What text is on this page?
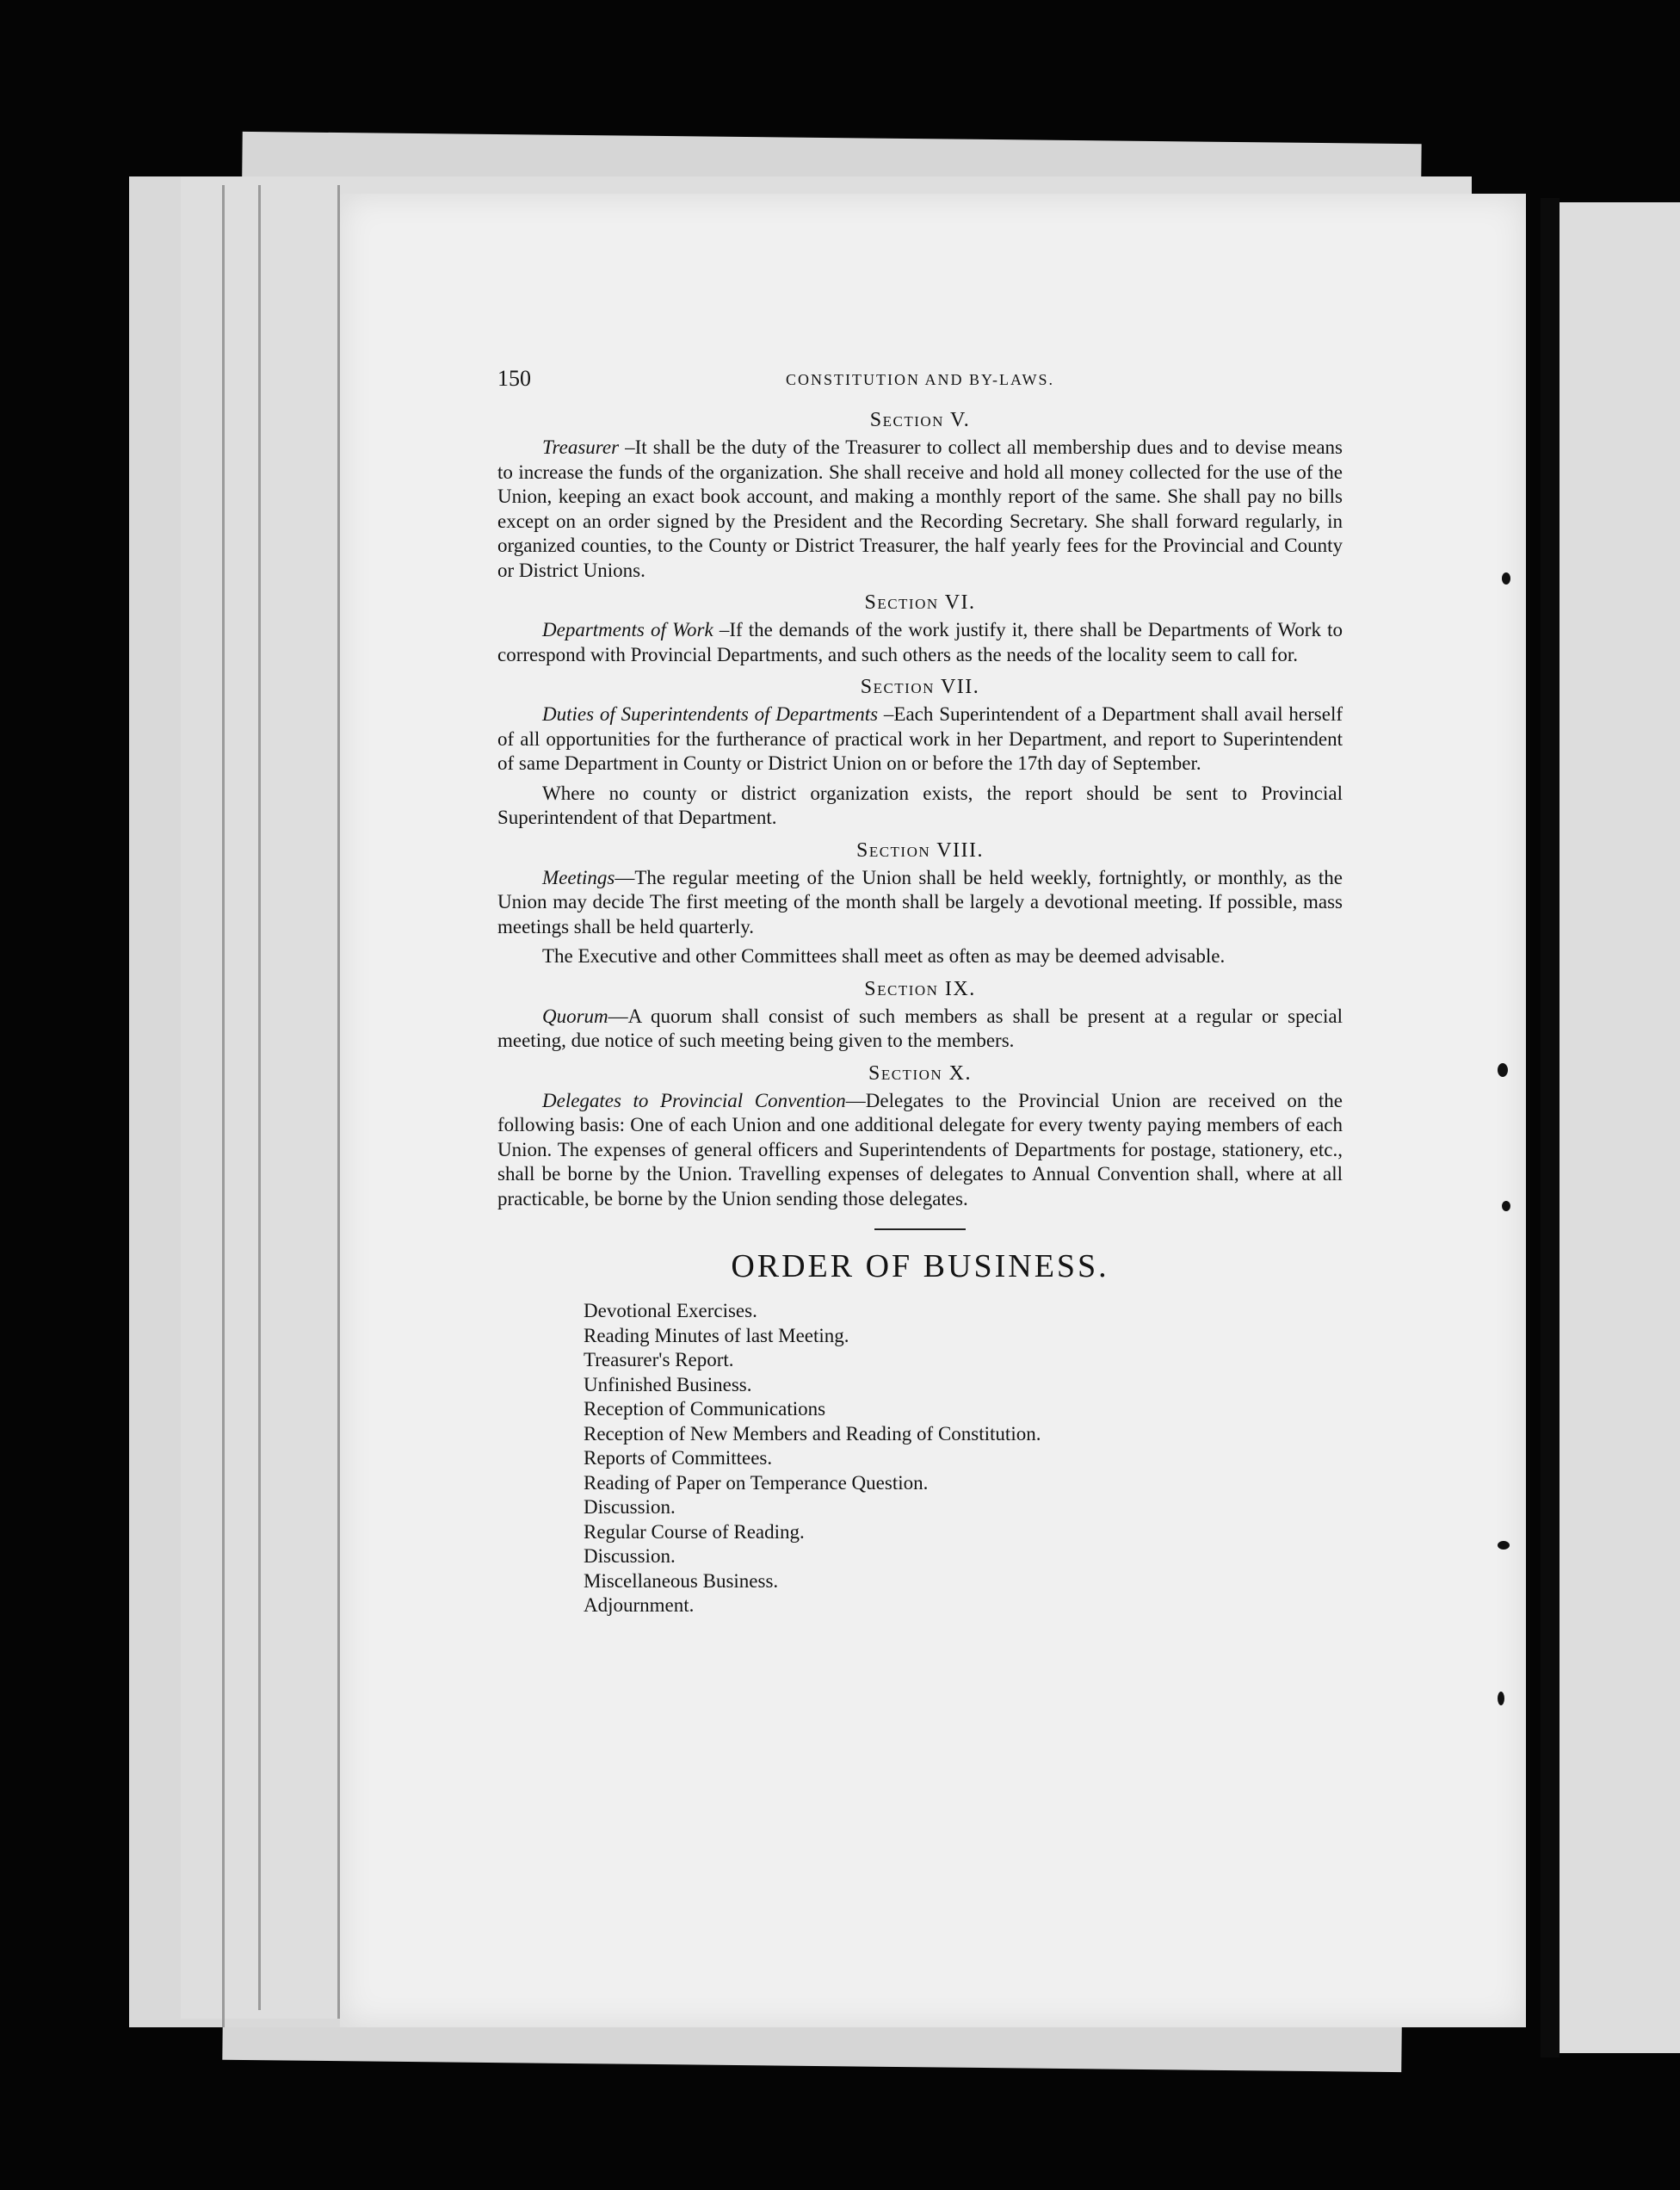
150	CONSTITUTION AND BY-LAWS.
Section V.

Treasurer –It shall be the duty of the Treasurer to collect all membership dues and to devise means to increase the funds of the organization. She shall receive and hold all money collected for the use of the Union, keeping an exact book account, and making a monthly report of the same. She shall pay no bills except on an order signed by the President and the Recording Secretary. She shall forward regularly, in organized counties, to the County or District Treasurer, the half yearly fees for the Provincial and County or District Unions.

Section VI.

Departments of Work –If the demands of the work justify it, there shall be Departments of Work to correspond with Provincial Departments, and such others as the needs of the locality seem to call for.

Section VII.

Duties of Superintendents of Departments –Each Superintendent of a Department shall avail herself of all opportunities for the furtherance of practical work in her Department, and report to Superintendent of same Department in County or District Union on or before the 17th day of September.

Where no county or district organization exists, the report should be sent to Provincial Superintendent of that Department.

Section VIII.

Meetings—The regular meeting of the Union shall be held weekly, fortnightly, or monthly, as the Union may decide The first meeting of the month shall be largely a devotional meeting. If possible, mass meetings shall be held quarterly.

The Executive and other Committees shall meet as often as may be deemed advisable.

Section IX.

Quorum—A quorum shall consist of such members as shall be present at a regular or special meeting, due notice of such meeting being given to the members.

Section X.

Delegates to Provincial Convention—Delegates to the Provincial Union are received on the following basis: One of each Union and one additional delegate for every twenty paying members of each Union. The expenses of general officers and Superintendents of Departments for postage, stationery, etc., shall be borne by the Union. Travelling expenses of delegates to Annual Convention shall, where at all practicable, be borne by the Union sending those delegates.

ORDER OF BUSINESS.
Devotional Exercises.
Reading Minutes of last Meeting.
Treasurer's Report.
Unfinished Business.
Reception of Communications
Reception of New Members and Reading of Constitution.
Reports of Committees.
Reading of Paper on Temperance Question.
Discussion.
Regular Course of Reading.
Discussion.
Miscellaneous Business.
Adjournment.
